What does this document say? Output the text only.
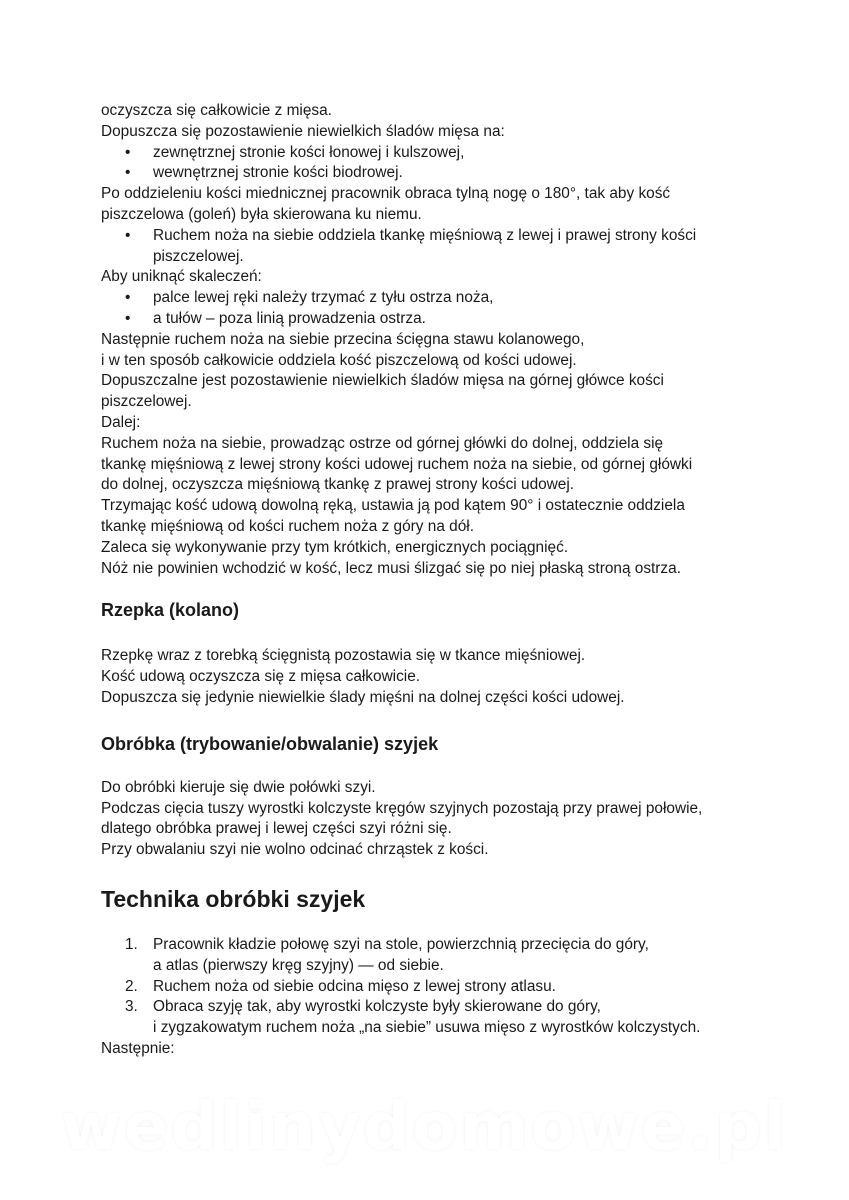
oczyszcza się całkowicie z mięsa.

Dopuszcza się pozostawienie niewielkich śladów mięsa na:

• zewnętrznej stronie kości łonowej i kulszowej,
• wewnętrznej stronie kości biodrowej.

Po oddzieleniu kości miednicznej pracownik obraca tylną nogę o 180°, tak aby kość

piszczelowa (goleń) była skierowana ku niemu.

• Ruchem noża na siebie oddziela tkankę mięśniową z lewej i prawej strony kości
piszczelowej.

Aby uniknąć skaleczeń:

• palce lewej ręki należy trzymać z tyłu ostrza noża,
• a tułów – poza linią prowadzenia ostrza.

Następnie ruchem noża na siebie przecina ścięgna stawu kolanowego,

i w ten sposób całkowicie oddziela kość piszczelową od kości udowej.

Dopuszczalne jest pozostawienie niewielkich śladów mięsa na górnej główce kości

piszczelowej.

Dalej:

Ruchem noża na siebie, prowadząc ostrze od górnej główki do dolnej, oddziela się

tkankę mięśniową z lewej strony kości udowej ruchem noża na siebie, od górnej główki

do dolnej, oczyszcza mięśniową tkankę z prawej strony kości udowej.

Trzymając kość udową dowolną ręką, ustawia ją pod kątem 90° i ostatecznie oddziela

tkankę mięśniową od kości ruchem noża z góry na dół.

Zaleca się wykonywanie przy tym krótkich, energicznych pociągnięć.

Nóż nie powinien wchodzić w kość, lecz musi ślizgać się po niej płaską stroną ostrza.

Rzepka (kolano)

Rzepkę wraz z torebką ścięgnistą pozostawia się w tkance mięśniowej.

Kość udową oczyszcza się z mięsa całkowicie.

Dopuszcza się jedynie niewielkie ślady mięśni na dolnej części kości udowej.

Obróbka (trybowanie/obwalanie) szyjek

Do obróbki kieruje się dwie połówki szyi.

Podczas cięcia tuszy wyrostki kolczyste kręgów szyjnych pozostają przy prawej połowie,

dlatego obróbka prawej i lewej części szyi różni się.

Przy obwalaniu szyi nie wolno odcinać chrząstek z kości.

Technika obróbki szyjek
1. Pracownik kładzie połowę szyi na stole, powierzchnią przecięcia do góry,
a atlas (pierwszy kręg szyjny) — od siebie.
2. Ruchem noża od siebie odcina mięso z lewej strony atlasu.
3. Obraca szyję tak, aby wyrostki kolczyste były skierowane do góry,
i zygzakowatym ruchem noża „na siebie” usuwa mięso z wyrostków kolczystych.

Następnie:

wedlinydomowe.pl
